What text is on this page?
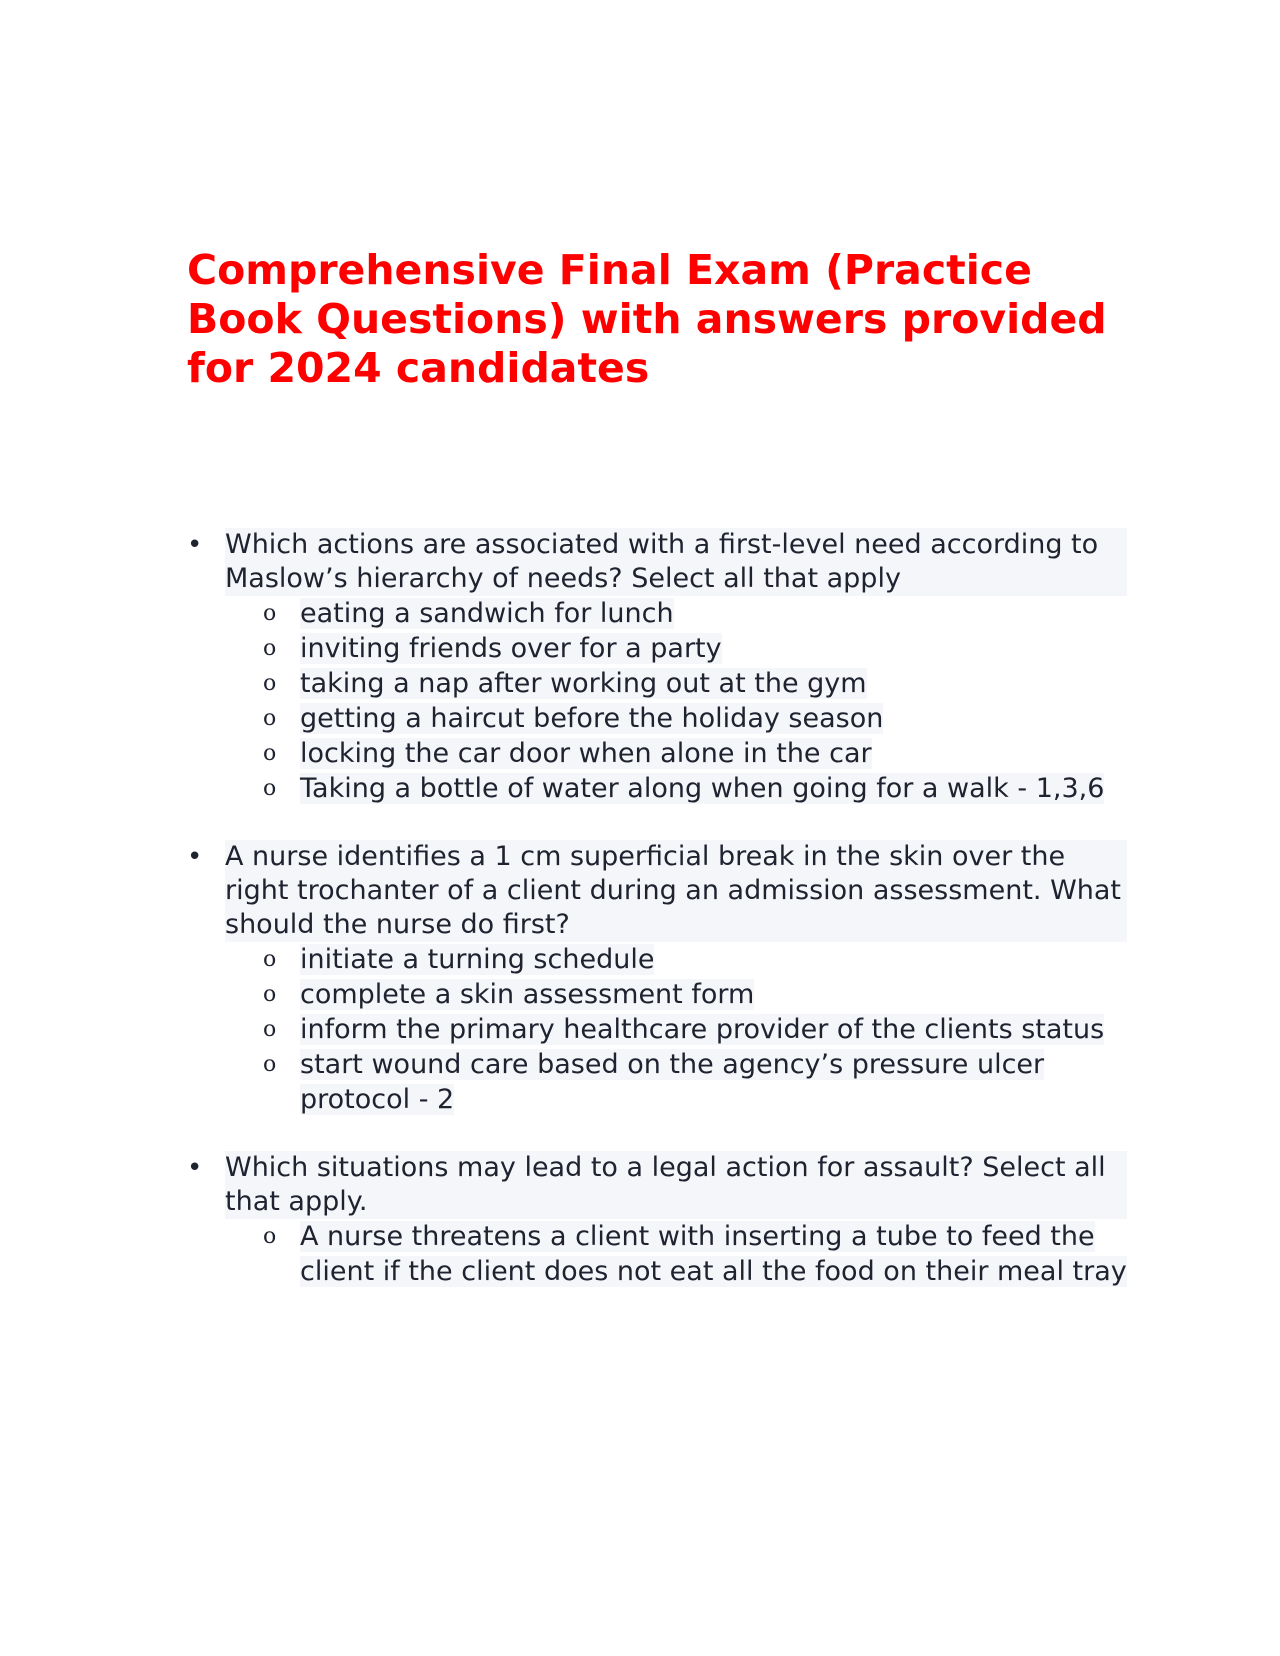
Comprehensive Final Exam (Practice Book Questions) with answers provided for 2024 candidates
• Which actions are associated with a first-level need according to Maslow’s hierarchy of needs? Select all that apply
o eating a sandwich for lunch
o inviting friends over for a party
o taking a nap after working out at the gym
o getting a haircut before the holiday season
o locking the car door when alone in the car
o Taking a bottle of water along when going for a walk - 1,3,6
• A nurse identifies a 1 cm superficial break in the skin over the right trochanter of a client during an admission assessment. What should the nurse do first?
o initiate a turning schedule
o complete a skin assessment form
o inform the primary healthcare provider of the clients status
o start wound care based on the agency’s pressure ulcer protocol - 2
• Which situations may lead to a legal action for assault? Select all that apply.
o A nurse threatens a client with inserting a tube to feed the client if the client does not eat all the food on their meal tray
